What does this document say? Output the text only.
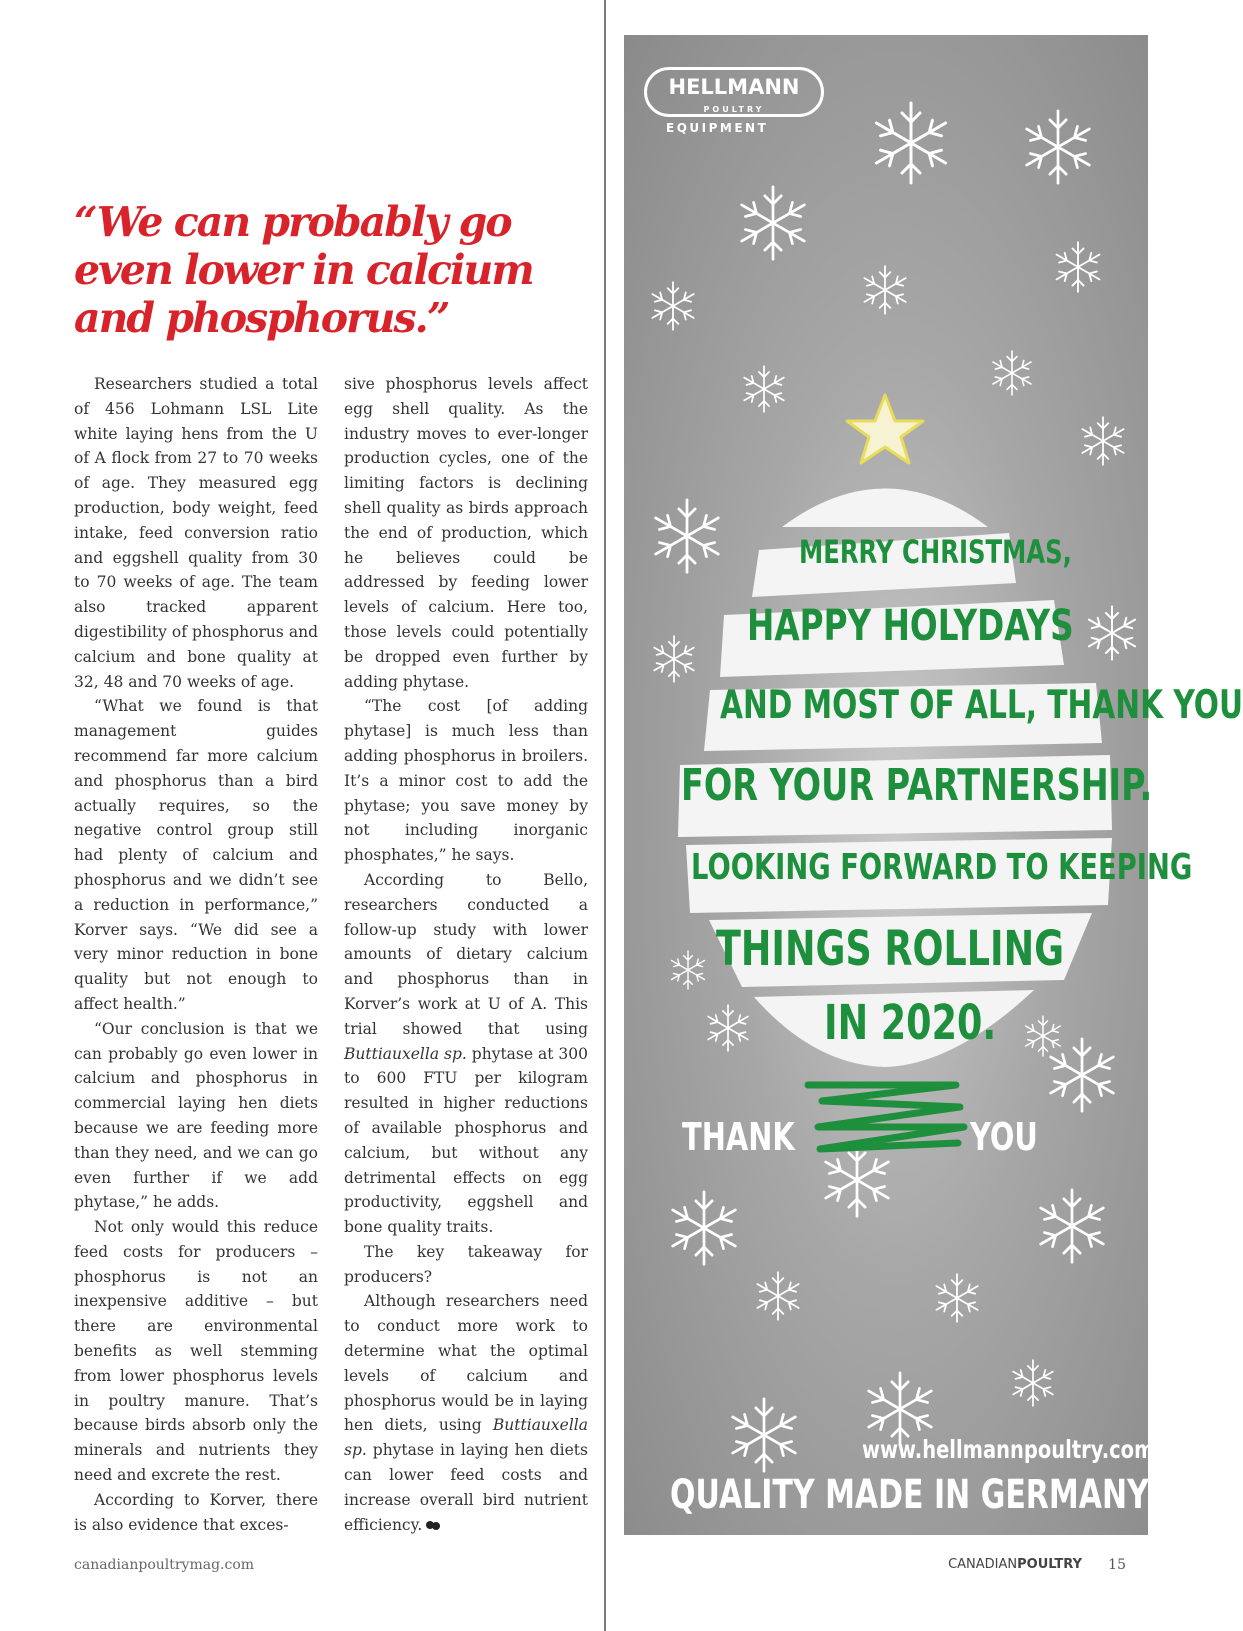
“We can probably go even lower in calcium and phosphorus.”

Researchers studied a total of 456 Lohmann LSL Lite white laying hens from the U of A flock from 27 to 70 weeks of age. They measured egg production, body weight, feed intake, feed conversion ratio and eggshell quality from 30 to 70 weeks of age. The team also tracked apparent digestibility of phosphorus and calcium and bone quality at 32, 48 and 70 weeks of age.

“What we found is that management guides recommend far more calcium and phosphorus than a bird actually requires, so the negative control group still had plenty of calcium and phosphorus and we didn’t see a reduction in performance,” Korver says. “We did see a very minor reduction in bone quality but not enough to affect health.”

“Our conclusion is that we can probably go even lower in calcium and phosphorus in commercial laying hen diets because we are feeding more than they need, and we can go even further if we add phytase,” he adds.

Not only would this reduce feed costs for producers – phosphorus is not an inexpensive additive – but there are environmental benefits as well stemming from lower phosphorus levels in poultry manure. That’s because birds absorb only the minerals and nutrients they need and excrete the rest.

According to Korver, there is also evidence that exces-

sive phosphorus levels affect egg shell quality. As the industry moves to ever-longer production cycles, one of the limiting factors is declining shell quality as birds approach the end of production, which he believes could be addressed by feeding lower levels of calcium. Here too, those levels could potentially be dropped even further by adding phytase.

“The cost [of adding phytase] is much less than adding phosphorus in broilers. It’s a minor cost to add the phytase; you save money by not including inorganic phosphates,” he says.

According to Bello, researchers conducted a follow-up study with lower amounts of dietary calcium and phosphorus than in Korver’s work at U of A. This trial showed that using Buttiauxella sp. phytase at 300 to 600 FTU per kilogram resulted in higher reductions of available phosphorus and calcium, but without any detrimental effects on egg productivity, eggshell and bone quality traits.

The key takeaway for producers?

Although researchers need to conduct more work to determine what the optimal levels of calcium and phosphorus would be in laying hen diets, using Buttiauxella sp. phytase in laying hen diets can lower feed costs and increase overall bird nutrient efficiency.

HELLMANN
POULTRY
EQUIPMENT
MERRY CHRISTMAS,
HAPPY HOLYDAYS
AND MOST OF ALL, THANK YOU
FOR YOUR PARTNERSHIP.
LOOKING FORWARD TO KEEPING
THINGS ROLLING
IN 2020.
THANK	YOU
www.hellmannpoultry.com
QUALITY MADE IN GERMANY
canadianpoultrymag.com	CANADIANPOULTRY 15
